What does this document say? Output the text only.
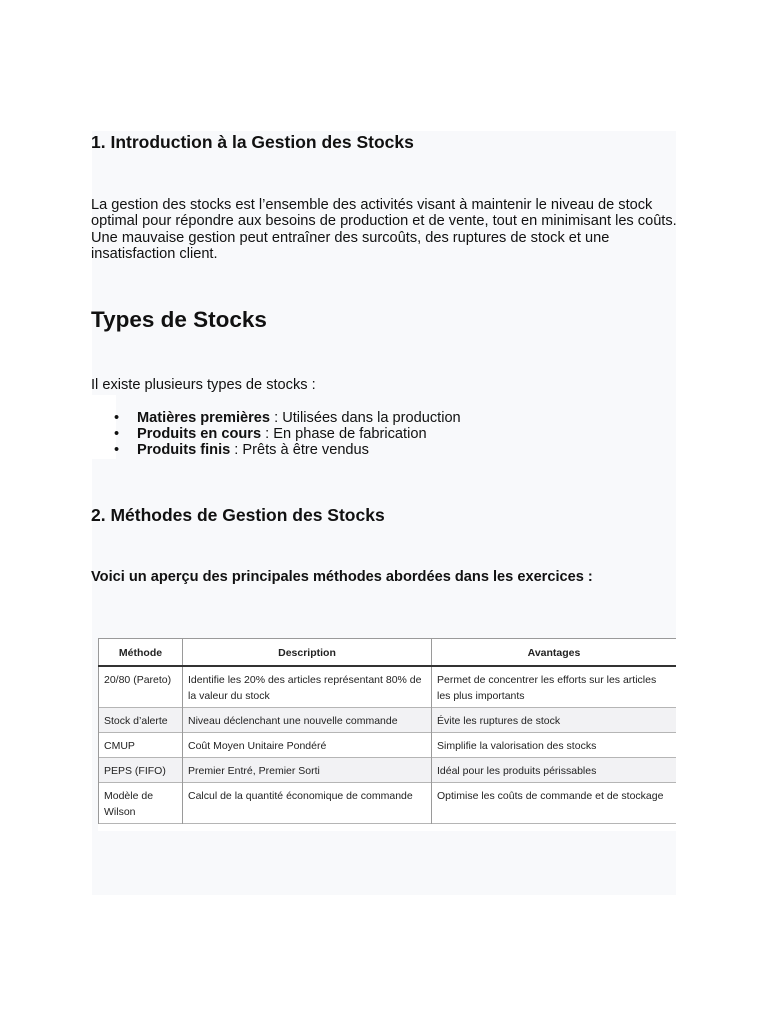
1. Introduction à la Gestion des Stocks

La gestion des stocks est l’ensemble des activités visant à maintenir le niveau de stock optimal pour répondre aux besoins de production et de vente, tout en minimisant les coûts. Une mauvaise gestion peut entraîner des surcoûts, des ruptures de stock et une insatisfaction client.

Types de Stocks

Il existe plusieurs types de stocks :

• Matières premières : Utilisées dans la production
• Produits en cours : En phase de fabrication
• Produits finis : Prêts à être vendus
2. Méthodes de Gestion des Stocks

Voici un aperçu des principales méthodes abordées dans les exercices :

Méthode	Description	Avantages
20/80 (Pareto)	Identifie les 20% des articles représentant 80% de la valeur du stock	Permet de concentrer les efforts sur les articles les plus importants
Stock d’alerte	Niveau déclenchant une nouvelle commande	Évite les ruptures de stock
CMUP	Coût Moyen Unitaire Pondéré	Simplifie la valorisation des stocks
PEPS (FIFO)	Premier Entré, Premier Sorti	Idéal pour les produits périssables
Modèle de Wilson	Calcul de la quantité économique de commande	Optimise les coûts de commande et de stockage
